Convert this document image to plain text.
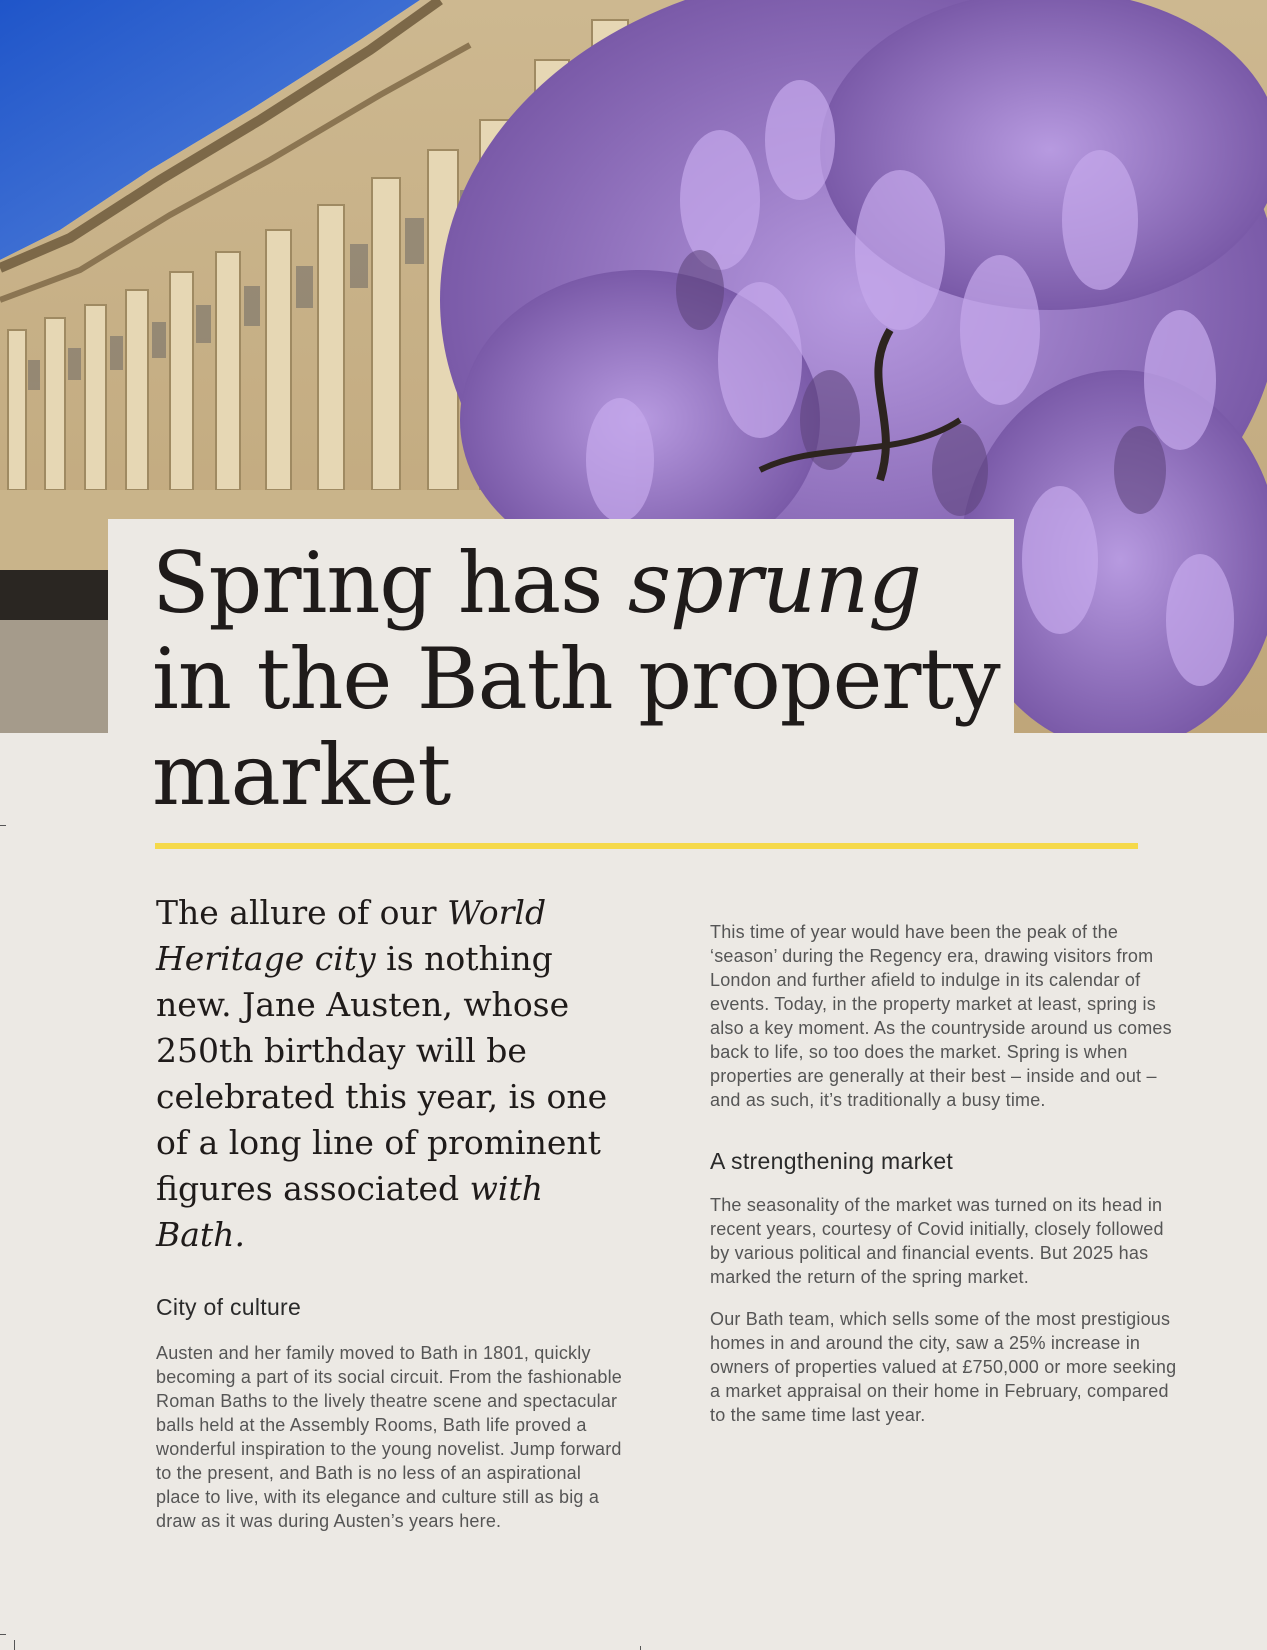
Spring has sprung in the Bath property market

The allure of our World Heritage city is nothing new. Jane Austen, whose 250th birthday will be celebrated this year, is one of a long line of prominent figures associated with Bath.

City of culture

Austen and her family moved to Bath in 1801, quickly becoming a part of its social circuit. From the fashionable Roman Baths to the lively theatre scene and spectacular balls held at the Assembly Rooms, Bath life proved a wonderful inspiration to the young novelist. Jump forward to the present, and Bath is no less of an aspirational place to live, with its elegance and culture still as big a draw as it was during Austen’s years here.

This time of year would have been the peak of the ‘season’ during the Regency era, drawing visitors from London and further afield to indulge in its calendar of events. Today, in the property market at least, spring is also a key moment. As the countryside around us comes back to life, so too does the market. Spring is when properties are generally at their best – inside and out – and as such, it’s traditionally a busy time.

A strengthening market

The seasonality of the market was turned on its head in recent years, courtesy of Covid initially, closely followed by various political and financial events. But 2025 has marked the return of the spring market.

Our Bath team, which sells some of the most prestigious homes in and around the city, saw a 25% increase in owners of properties valued at £750,000 or more seeking a market appraisal on their home in February, compared to the same time last year.
